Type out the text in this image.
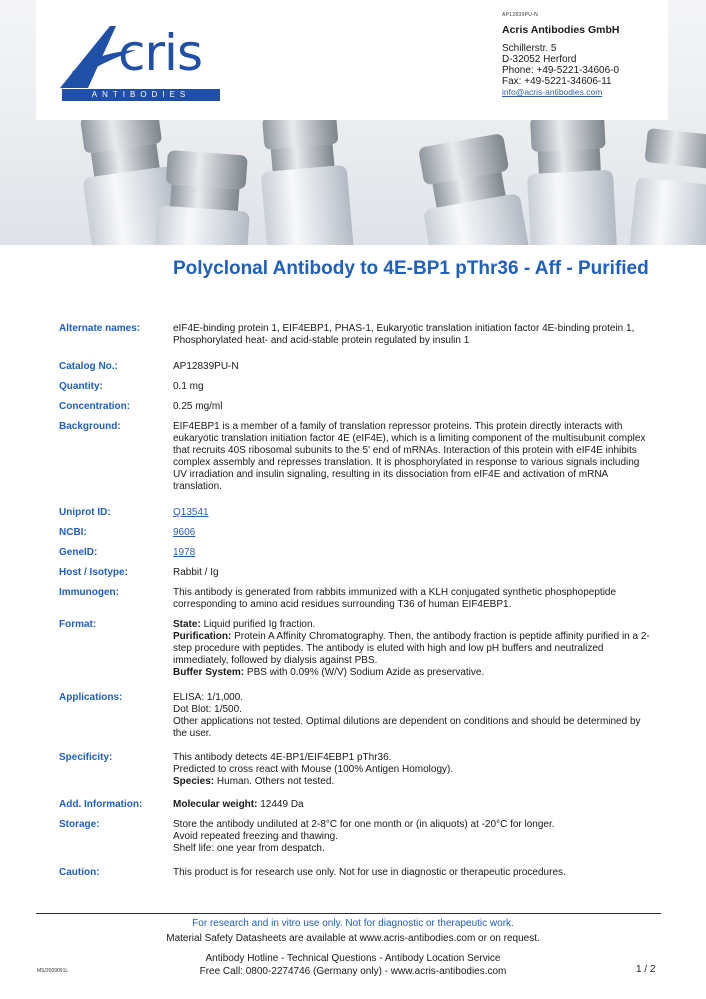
cris
ANTIBODIES
AP12839PU-N
Acris Antibodies GmbH
Schillerstr. 5
D-32052 Herford
Phone: +49-5221-34606-0
Fax: +49-5221-34606-11
info@acris-antibodies.com
Polyclonal Antibody to 4E-BP1 pThr36 - Aff - Purified
Alternate names:	eIF4E-binding protein 1, EIF4EBP1, PHAS-1, Eukaryotic translation initiation factor 4E-binding protein 1, Phosphorylated heat- and acid-stable protein regulated by insulin 1
Catalog No.:	AP12839PU-N
Quantity:	0.1 mg
Concentration:	0.25 mg/ml
Background:	EIF4EBP1 is a member of a family of translation repressor proteins. This protein directly interacts with eukaryotic translation initiation factor 4E (eIF4E), which is a limiting component of the multisubunit complex that recruits 40S ribosomal subunits to the 5' end of mRNAs. Interaction of this protein with eIF4E inhibits complex assembly and represses translation. It is phosphorylated in response to various signals including UV irradiation and insulin signaling, resulting in its dissociation from eIF4E and activation of mRNA translation.
Uniprot ID:	Q13541
NCBI:	9606
GeneID:	1978
Host / Isotype:	Rabbit / Ig
Immunogen:	This antibody is generated from rabbits immunized with a KLH conjugated synthetic phosphopeptide corresponding to amino acid residues surrounding T36 of human EIF4EBP1.
Format:	State: Liquid purified Ig fraction.
Purification: Protein A Affinity Chromatography. Then, the antibody fraction is peptide affinity purified in a 2-step procedure with peptides. The antibody is eluted with high and low pH buffers and neutralized immediately, followed by dialysis against PBS.
Buffer System: PBS with 0.09% (W/V) Sodium Azide as preservative.
Applications:	ELISA: 1/1,000.
Dot Blot: 1/500.
Other applications not tested. Optimal dilutions are dependent on conditions and should be determined by the user.
Specificity:	This antibody detects 4E-BP1/EIF4EBP1 pThr36.
Predicted to cross react with Mouse (100% Antigen Homology).
Species: Human. Others not tested.
Add. Information:	Molecular weight: 12449 Da
Storage:	Store the antibody undiluted at 2-8°C for one month or (in aliquots) at -20°C for longer.
Avoid repeated freezing and thawing.
Shelf life: one year from despatch.
Caution:	This product is for research use only. Not for use in diagnostic or therapeutic procedures.
For research and in vitro use only. Not for diagnostic or therapeutic work.
Material Safety Datasheets are available at www.acris-antibodies.com or on request.
Antibody Hotline - Technical Questions - Antibody Location Service
Free Call: 0800-2274746 (Germany only) - www.acris-antibodies.com
MS/2009091L	1 / 2
